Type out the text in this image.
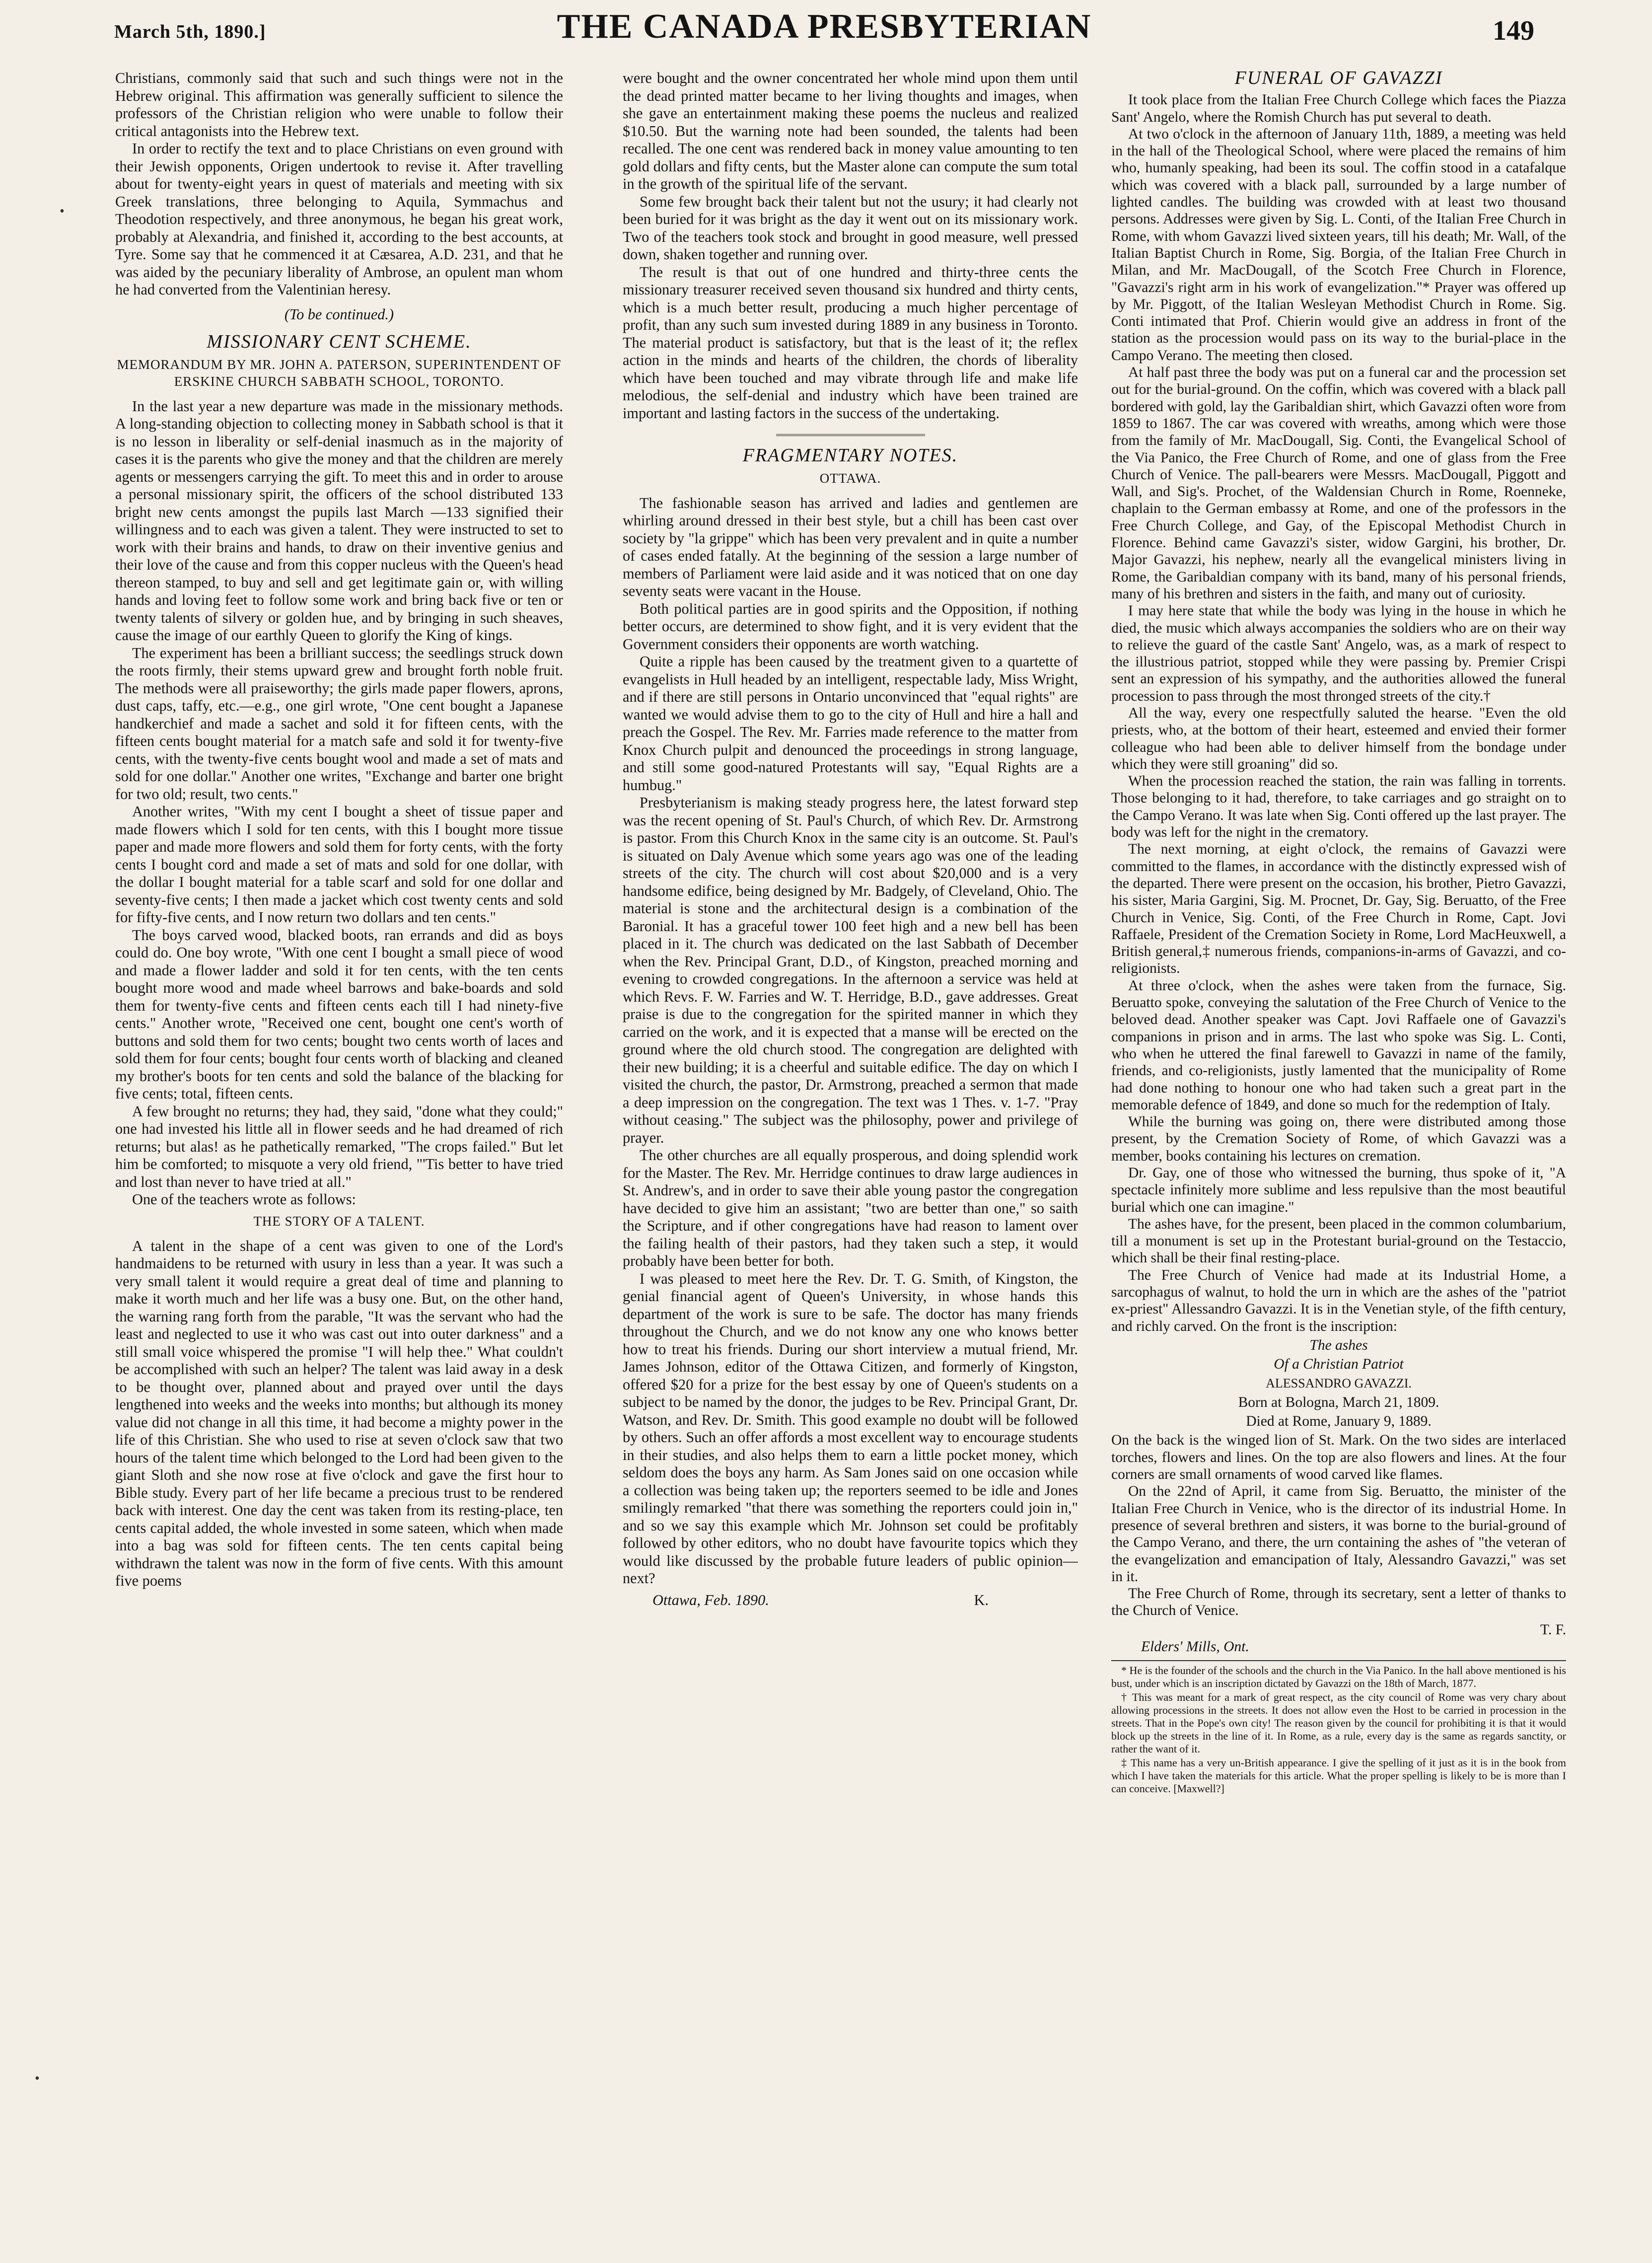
March 5th, 1890.]	THE CANADA PRESBYTERIAN	149
•
•

Christians, commonly said that such and such things were not in the Hebrew original. This affirmation was generally sufficient to silence the professors of the Christian religion who were unable to follow their critical antagonists into the Hebrew text.

In order to rectify the text and to place Christians on even ground with their Jewish opponents, Origen undertook to revise it. After travelling about for twenty-eight years in quest of materials and meeting with six Greek translations, three belonging to Aquila, Symmachus and Theodotion respectively, and three anonymous, he began his great work, probably at Alexandria, and finished it, according to the best accounts, at Tyre. Some say that he commenced it at Cæsarea, A.D. 231, and that he was aided by the pecuniary liberality of Ambrose, an opulent man whom he had converted from the Valentinian heresy.

(To be continued.)
MISSIONARY CENT SCHEME.
MEMORANDUM BY MR. JOHN A. PATERSON, SUPERINTENDENT OF ERSKINE CHURCH SABBATH SCHOOL, TORONTO.

In the last year a new departure was made in the missionary methods. A long-standing objection to collecting money in Sabbath school is that it is no lesson in liberality or self-denial inasmuch as in the majority of cases it is the parents who give the money and that the children are merely agents or messengers carrying the gift. To meet this and in order to arouse a personal missionary spirit, the officers of the school distributed 133 bright new cents amongst the pupils last March —133 signified their willingness and to each was given a talent. They were instructed to set to work with their brains and hands, to draw on their inventive genius and their love of the cause and from this copper nucleus with the Queen's head thereon stamped, to buy and sell and get legitimate gain or, with willing hands and loving feet to follow some work and bring back five or ten or twenty talents of silvery or golden hue, and by bringing in such sheaves, cause the image of our earthly Queen to glorify the King of kings.

The experiment has been a brilliant success; the seedlings struck down the roots firmly, their stems upward grew and brought forth noble fruit. The methods were all praiseworthy; the girls made paper flowers, aprons, dust caps, taffy, etc.—e.g., one girl wrote, "One cent bought a Japanese handkerchief and made a sachet and sold it for fifteen cents, with the fifteen cents bought material for a match safe and sold it for twenty-five cents, with the twenty-five cents bought wool and made a set of mats and sold for one dollar." Another one writes, "Exchange and barter one bright for two old; result, two cents."

Another writes, "With my cent I bought a sheet of tissue paper and made flowers which I sold for ten cents, with this I bought more tissue paper and made more flowers and sold them for forty cents, with the forty cents I bought cord and made a set of mats and sold for one dollar, with the dollar I bought material for a table scarf and sold for one dollar and seventy-five cents; I then made a jacket which cost twenty cents and sold for fifty-five cents, and I now return two dollars and ten cents."

The boys carved wood, blacked boots, ran errands and did as boys could do. One boy wrote, "With one cent I bought a small piece of wood and made a flower ladder and sold it for ten cents, with the ten cents bought more wood and made wheel barrows and bake-boards and sold them for twenty-five cents and fifteen cents each till I had ninety-five cents." Another wrote, "Received one cent, bought one cent's worth of buttons and sold them for two cents; bought two cents worth of laces and sold them for four cents; bought four cents worth of blacking and cleaned my brother's boots for ten cents and sold the balance of the blacking for five cents; total, fifteen cents.

A few brought no returns; they had, they said, "done what they could;" one had invested his little all in flower seeds and he had dreamed of rich returns; but alas! as he pathetically remarked, "The crops failed." But let him be comforted; to misquote a very old friend, "'Tis better to have tried and lost than never to have tried at all."

One of the teachers wrote as follows:

THE STORY OF A TALENT.

A talent in the shape of a cent was given to one of the Lord's handmaidens to be returned with usury in less than a year. It was such a very small talent it would require a great deal of time and planning to make it worth much and her life was a busy one. But, on the other hand, the warning rang forth from the parable, "It was the servant who had the least and neglected to use it who was cast out into outer darkness" and a still small voice whispered the promise "I will help thee." What couldn't be accomplished with such an helper? The talent was laid away in a desk to be thought over, planned about and prayed over until the days lengthened into weeks and the weeks into months; but although its money value did not change in all this time, it had become a mighty power in the life of this Christian. She who used to rise at seven o'clock saw that two hours of the talent time which belonged to the Lord had been given to the giant Sloth and she now rose at five o'clock and gave the first hour to Bible study. Every part of her life became a precious trust to be rendered back with interest. One day the cent was taken from its resting-place, ten cents capital added, the whole invested in some sateen, which when made into a bag was sold for fifteen cents. The ten cents capital being withdrawn the talent was now in the form of five cents. With this amount five poems

were bought and the owner concentrated her whole mind upon them until the dead printed matter became to her living thoughts and images, when she gave an entertainment making these poems the nucleus and realized $10.50. But the warning note had been sounded, the talents had been recalled. The one cent was rendered back in money value amounting to ten gold dollars and fifty cents, but the Master alone can compute the sum total in the growth of the spiritual life of the servant.

Some few brought back their talent but not the usury; it had clearly not been buried for it was bright as the day it went out on its missionary work. Two of the teachers took stock and brought in good measure, well pressed down, shaken together and running over.

The result is that out of one hundred and thirty-three cents the missionary treasurer received seven thousand six hundred and thirty cents, which is a much better result, producing a much higher percentage of profit, than any such sum invested during 1889 in any business in Toronto. The material product is satisfactory, but that is the least of it; the reflex action in the minds and hearts of the children, the chords of liberality which have been touched and may vibrate through life and make life melodious, the self-denial and industry which have been trained are important and lasting factors in the success of the undertaking.

FRAGMENTARY NOTES.
OTTAWA.

The fashionable season has arrived and ladies and gentlemen are whirling around dressed in their best style, but a chill has been cast over society by "la grippe" which has been very prevalent and in quite a number of cases ended fatally. At the beginning of the session a large number of members of Parliament were laid aside and it was noticed that on one day seventy seats were vacant in the House.

Both political parties are in good spirits and the Opposition, if nothing better occurs, are determined to show fight, and it is very evident that the Government considers their opponents are worth watching.

Quite a ripple has been caused by the treatment given to a quartette of evangelists in Hull headed by an intelligent, respectable lady, Miss Wright, and if there are still persons in Ontario unconvinced that "equal rights" are wanted we would advise them to go to the city of Hull and hire a hall and preach the Gospel. The Rev. Mr. Farries made reference to the matter from Knox Church pulpit and denounced the proceedings in strong language, and still some good-natured Protestants will say, "Equal Rights are a humbug."

Presbyterianism is making steady progress here, the latest forward step was the recent opening of St. Paul's Church, of which Rev. Dr. Armstrong is pastor. From this Church Knox in the same city is an outcome. St. Paul's is situated on Daly Avenue which some years ago was one of the leading streets of the city. The church will cost about $20,000 and is a very handsome edifice, being designed by Mr. Badgely, of Cleveland, Ohio. The material is stone and the architectural design is a combination of the Baronial. It has a graceful tower 100 feet high and a new bell has been placed in it. The church was dedicated on the last Sabbath of December when the Rev. Principal Grant, D.D., of Kingston, preached morning and evening to crowded congregations. In the afternoon a service was held at which Revs. F. W. Farries and W. T. Herridge, B.D., gave addresses. Great praise is due to the congregation for the spirited manner in which they carried on the work, and it is expected that a manse will be erected on the ground where the old church stood. The congregation are delighted with their new building; it is a cheerful and suitable edifice. The day on which I visited the church, the pastor, Dr. Armstrong, preached a sermon that made a deep impression on the congregation. The text was 1 Thes. v. 1-7. "Pray without ceasing." The subject was the philosophy, power and privilege of prayer.

The other churches are all equally prosperous, and doing splendid work for the Master. The Rev. Mr. Herridge continues to draw large audiences in St. Andrew's, and in order to save their able young pastor the congregation have decided to give him an assistant; "two are better than one," so saith the Scripture, and if other congregations have had reason to lament over the failing health of their pastors, had they taken such a step, it would probably have been better for both.

I was pleased to meet here the Rev. Dr. T. G. Smith, of Kingston, the genial financial agent of Queen's University, in whose hands this department of the work is sure to be safe. The doctor has many friends throughout the Church, and we do not know any one who knows better how to treat his friends. During our short interview a mutual friend, Mr. James Johnson, editor of the Ottawa Citizen, and formerly of Kingston, offered $20 for a prize for the best essay by one of Queen's students on a subject to be named by the donor, the judges to be Rev. Principal Grant, Dr. Watson, and Rev. Dr. Smith. This good example no doubt will be followed by others. Such an offer affords a most excellent way to encourage students in their studies, and also helps them to earn a little pocket money, which seldom does the boys any harm. As Sam Jones said on one occasion while a collection was being taken up; the reporters seemed to be idle and Jones smilingly remarked "that there was something the reporters could join in," and so we say this example which Mr. Johnson set could be profitably followed by other editors, who no doubt have favourite topics which they would like discussed by the probable future leaders of public opinion—next?

Ottawa, Feb. 1890.	K.
FUNERAL OF GAVAZZI

It took place from the Italian Free Church College which faces the Piazza Sant' Angelo, where the Romish Church has put several to death.

At two o'clock in the afternoon of January 11th, 1889, a meeting was held in the hall of the Theological School, where were placed the remains of him who, humanly speaking, had been its soul. The coffin stood in a catafalque which was covered with a black pall, surrounded by a large number of lighted candles. The building was crowded with at least two thousand persons. Addresses were given by Sig. L. Conti, of the Italian Free Church in Rome, with whom Gavazzi lived sixteen years, till his death; Mr. Wall, of the Italian Baptist Church in Rome, Sig. Borgia, of the Italian Free Church in Milan, and Mr. MacDougall, of the Scotch Free Church in Florence, "Gavazzi's right arm in his work of evangelization."* Prayer was offered up by Mr. Piggott, of the Italian Wesleyan Methodist Church in Rome. Sig. Conti intimated that Prof. Chierin would give an address in front of the station as the procession would pass on its way to the burial-place in the Campo Verano. The meeting then closed.

At half past three the body was put on a funeral car and the procession set out for the burial-ground. On the coffin, which was covered with a black pall bordered with gold, lay the Garibaldian shirt, which Gavazzi often wore from 1859 to 1867. The car was covered with wreaths, among which were those from the family of Mr. MacDougall, Sig. Conti, the Evangelical School of the Via Panico, the Free Church of Rome, and one of glass from the Free Church of Venice. The pall-bearers were Messrs. MacDougall, Piggott and Wall, and Sig's. Prochet, of the Waldensian Church in Rome, Roenneke, chaplain to the German embassy at Rome, and one of the professors in the Free Church College, and Gay, of the Episcopal Methodist Church in Florence. Behind came Gavazzi's sister, widow Gargini, his brother, Dr. Major Gavazzi, his nephew, nearly all the evangelical ministers living in Rome, the Garibaldian company with its band, many of his personal friends, many of his brethren and sisters in the faith, and many out of curiosity.

I may here state that while the body was lying in the house in which he died, the music which always accompanies the soldiers who are on their way to relieve the guard of the castle Sant' Angelo, was, as a mark of respect to the illustrious patriot, stopped while they were passing by. Premier Crispi sent an expression of his sympathy, and the authorities allowed the funeral procession to pass through the most thronged streets of the city.†

All the way, every one respectfully saluted the hearse. "Even the old priests, who, at the bottom of their heart, esteemed and envied their former colleague who had been able to deliver himself from the bondage under which they were still groaning" did so.

When the procession reached the station, the rain was falling in torrents. Those belonging to it had, therefore, to take carriages and go straight on to the Campo Verano. It was late when Sig. Conti offered up the last prayer. The body was left for the night in the crematory.

The next morning, at eight o'clock, the remains of Gavazzi were committed to the flames, in accordance with the distinctly expressed wish of the departed. There were present on the occasion, his brother, Pietro Gavazzi, his sister, Maria Gargini, Sig. M. Procnet, Dr. Gay, Sig. Beruatto, of the Free Church in Venice, Sig. Conti, of the Free Church in Rome, Capt. Jovi Raffaele, President of the Cremation Society in Rome, Lord MacHeuxwell, a British general,‡ numerous friends, companions-in-arms of Gavazzi, and co-religionists.

At three o'clock, when the ashes were taken from the furnace, Sig. Beruatto spoke, conveying the salutation of the Free Church of Venice to the beloved dead. Another speaker was Capt. Jovi Raffaele one of Gavazzi's companions in prison and in arms. The last who spoke was Sig. L. Conti, who when he uttered the final farewell to Gavazzi in name of the family, friends, and co-religionists, justly lamented that the municipality of Rome had done nothing to honour one who had taken such a great part in the memorable defence of 1849, and done so much for the redemption of Italy.

While the burning was going on, there were distributed among those present, by the Cremation Society of Rome, of which Gavazzi was a member, books containing his lectures on cremation.

Dr. Gay, one of those who witnessed the burning, thus spoke of it, "A spectacle infinitely more sublime and less repulsive than the most beautiful burial which one can imagine."

The ashes have, for the present, been placed in the common columbarium, till a monument is set up in the Protestant burial-ground on the Testaccio, which shall be their final resting-place.

The Free Church of Venice had made at its Industrial Home, a sarcophagus of walnut, to hold the urn in which are the ashes of the "patriot ex-priest" Allessandro Gavazzi. It is in the Venetian style, of the fifth century, and richly carved. On the front is the inscription:

The ashes
Of a Christian Patriot
ALESSANDRO GAVAZZI.
Born at Bologna, March 21, 1809.
Died at Rome, January 9, 1889.

On the back is the winged lion of St. Mark. On the two sides are interlaced torches, flowers and lines. On the top are also flowers and lines. At the four corners are small ornaments of wood carved like flames.

On the 22nd of April, it came from Sig. Beruatto, the minister of the Italian Free Church in Venice, who is the director of its industrial Home. In presence of several brethren and sisters, it was borne to the burial-ground of the Campo Verano, and there, the urn containing the ashes of "the veteran of the evangelization and emancipation of Italy, Alessandro Gavazzi," was set in it.

The Free Church of Rome, through its secretary, sent a letter of thanks to the Church of Venice.

T. F.
Elders' Mills, Ont.

* He is the founder of the schools and the church in the Via Panico. In the hall above mentioned is his bust, under which is an inscription dictated by Gavazzi on the 18th of March, 1877.

† This was meant for a mark of great respect, as the city council of Rome was very chary about allowing processions in the streets. It does not allow even the Host to be carried in procession in the streets. That in the Pope's own city! The reason given by the council for prohibiting it is that it would block up the streets in the line of it. In Rome, as a rule, every day is the same as regards sanctity, or rather the want of it.

‡ This name has a very un-British appearance. I give the spelling of it just as it is in the book from which I have taken the materials for this article. What the proper spelling is likely to be is more than I can conceive. [Maxwell?]
